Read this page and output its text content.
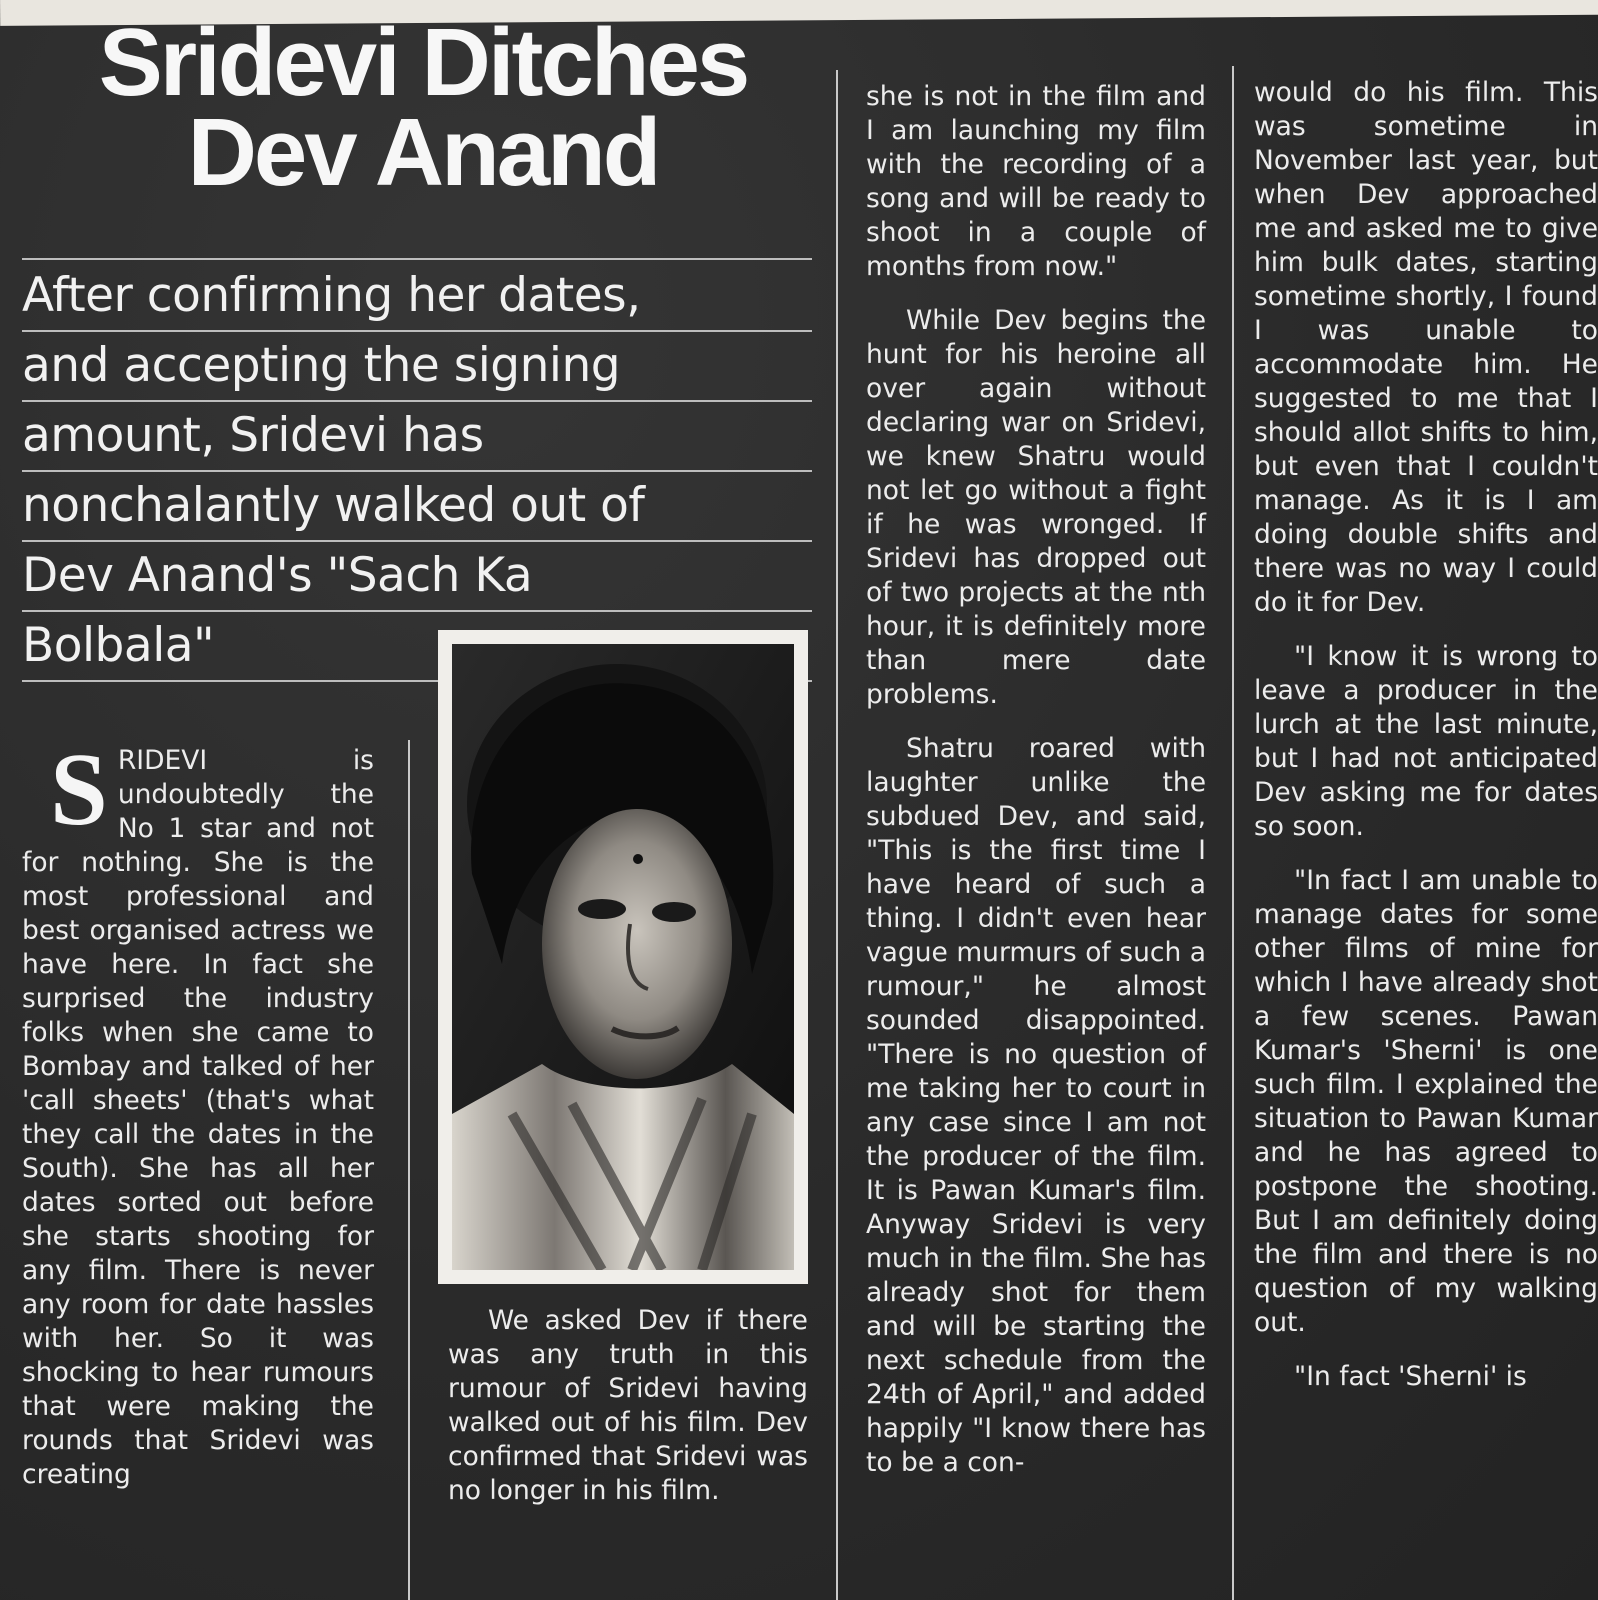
Sridevi Ditches
Dev Anand
After confirming her dates,
and accepting the signing
amount, Sridevi has
nonchalantly walked out of
Dev Anand's "Sach Ka
Bolbala"
S RIDEVI is undoubtedly the No 1 star and not for nothing. She is the most professional and best organised actress we have here. In fact she surprised the industry folks when she came to Bombay and talked of her 'call sheets' (that's what they call the dates in the South). She has all her dates sorted out before she starts shooting for any film. There is never any room for date hassles with her. So it was shocking to hear rumours that were making the rounds that Sridevi was creating

We asked Dev if there was any truth in this rumour of Sridevi having walked out of his film. Dev confirmed that Sridevi was no longer in his film.

she is not in the film and I am launching my film with the recording of a song and will be ready to shoot in a couple of months from now."

While Dev begins the hunt for his heroine all over again without declaring war on Sridevi, we knew Shatru would not let go without a fight if he was wronged. If Sridevi has dropped out of two projects at the nth hour, it is definitely more than mere date problems.

Shatru roared with laughter unlike the subdued Dev, and said, "This is the first time I have heard of such a thing. I didn't even hear vague murmurs of such a rumour," he almost sounded disappointed. "There is no question of me taking her to court in any case since I am not the producer of the film. It is Pawan Kumar's film. Anyway Sridevi is very much in the film. She has already shot for them and will be starting the next schedule from the 24th of April," and added happily "I know there has to be a con-

would do his film. This was sometime in November last year, but when Dev approached me and asked me to give him bulk dates, starting sometime shortly, I found I was unable to accommodate him. He suggested to me that I should allot shifts to him, but even that I couldn't manage. As it is I am doing double shifts and there was no way I could do it for Dev.

"I know it is wrong to leave a producer in the lurch at the last minute, but I had not anticipated Dev asking me for dates so soon.

"In fact I am unable to manage dates for some other films of mine for which I have already shot a few scenes. Pawan Kumar's 'Sherni' is one such film. I explained the situation to Pawan Kumar and he has agreed to postpone the shooting. But I am definitely doing the film and there is no question of my walking out.

"In fact 'Sherni' is
